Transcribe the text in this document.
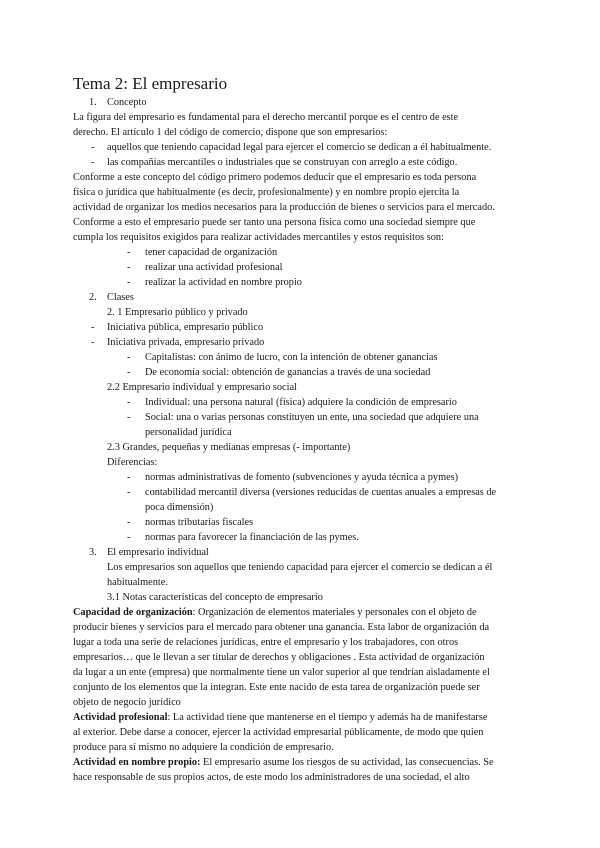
Tema 2: El empresario
1. Concepto
La figura del empresario es fundamental para el derecho mercantil porque es el centro de este
derecho. El artículo 1 del código de comercio, dispone que son empresarios:
- aquellos que teniendo capacidad legal para ejercer el comercio se dedican a él habitualmente.
- las compañías mercantiles o industriales que se construyan con arreglo a este código.
Conforme a este concepto del código primero podemos deducir que el empresario es toda persona
física o jurídica que habitualmente (es decir, profesionalmente) y en nombre propio ejercita la
actividad de organizar los medios necesarios para la producción de bienes o servicios para el mercado.
Conforme a esto el empresario puede ser tanto una persona física como una sociedad siempre que
cumpla los requisitos exigidos para realizar actividades mercantiles y estos requisitos son:
- tener capacidad de organización
- realizar una actividad profesional
- realizar la actividad en nombre propio
2. Clases
2. 1 Empresario público y privado
- Iniciativa pública, empresario público
- Iniciativa privada, empresario privado
- Capitalistas: con ánimo de lucro, con la intención de obtener ganancias
- De economía social: obtención de ganancias a través de una sociedad
2.2 Empresario individual y empresario social
- Individual: una persona natural (física) adquiere la condición de empresario
- Social: una o varias personas constituyen un ente, una sociedad que adquiere una
personalidad jurídica
2.3 Grandes, pequeñas y medianas empresas (- importante)
Diferencias:
- normas administrativas de fomento (subvenciones y ayuda técnica a pymes)
- contabilidad mercantil diversa (versiones reducidas de cuentas anuales a empresas de
poca dimensión)
- normas tributarias fiscales
- normas para favorecer la financiación de las pymes.
3. El empresario individual
Los empresarios son aquellos que teniendo capacidad para ejercer el comercio se dedican a él
habitualmente.
3.1 Notas características del concepto de empresario
Capacidad de organización: Organización de elementos materiales y personales con el objeto de
producir bienes y servicios para el mercado para obtener una ganancia. Esta labor de organización da
lugar a toda una serie de relaciones jurídicas, entre el empresario y los trabajadores, con otros
empresarios… que le llevan a ser titular de derechos y obligaciones . Esta actividad de organización
da lugar a un ente (empresa) que normalmente tiene un valor superior al que tendrían aisladamente el
conjunto de los elementos que la integran. Este ente nacido de esta tarea de organización puede ser
objeto de negocio jurídico
Actividad profesional: La actividad tiene que mantenerse en el tiempo y además ha de manifestarse
al exterior. Debe darse a conocer, ejercer la actividad empresarial públicamente, de modo que quien
produce para sí mismo no adquiere la condición de empresario.
Actividad en nombre propio: El empresario asume los riesgos de su actividad, las consecuencias. Se
hace responsable de sus propios actos, de este modo los administradores de una sociedad, el alto
